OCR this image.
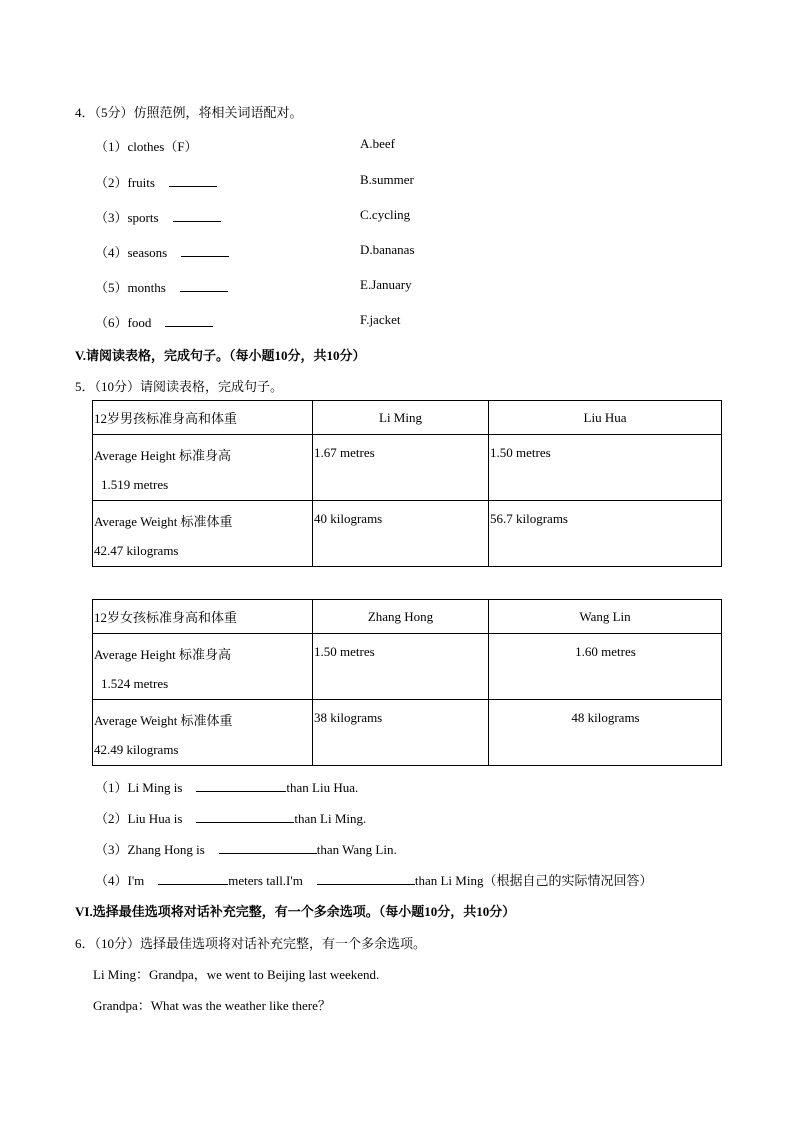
4．（5分）仿照范例，将相关词语配对。
（1）clothes（F）
（2）fruits
（3）sports
（4）seasons
（5）months
（6）food
A.beef
B.summer
C.cycling
D.bananas
E.January
F.jacket
V.请阅读表格，完成句子。（每小题10分，共10分）
5．（10分）请阅读表格，完成句子。
12岁男孩标准身高和体重	Li Ming	Liu Hua

Average Height 标准身高
1.519 metres	1.67 metres	1.50 metres

Average Weight 标准体重
42.47 kilograms	40 kilograms	56.7 kilograms
12岁女孩标准身高和体重	Zhang Hong	Wang Lin

Average Height 标准身高
1.524 metres	1.50 metres	1.60 metres

Average Weight 标准体重
42.49 kilograms	38 kilograms	48 kilograms
（1）Li Ming is	than Liu Hua.
（2）Liu Hua is	than Li Ming.
（3）Zhang Hong is	than Wang Lin.
（4）I'm	meters tall.I'm	than Li Ming（根据自己的实际情况回答）
VI.选择最佳选项将对话补充完整，有一个多余选项。（每小题10分，共10分）
6．（10分）选择最佳选项将对话补充完整，有一个多余选项。
Li Ming：Grandpa，we went to Beijing last weekend.
Grandpa：What was the weather like there？
